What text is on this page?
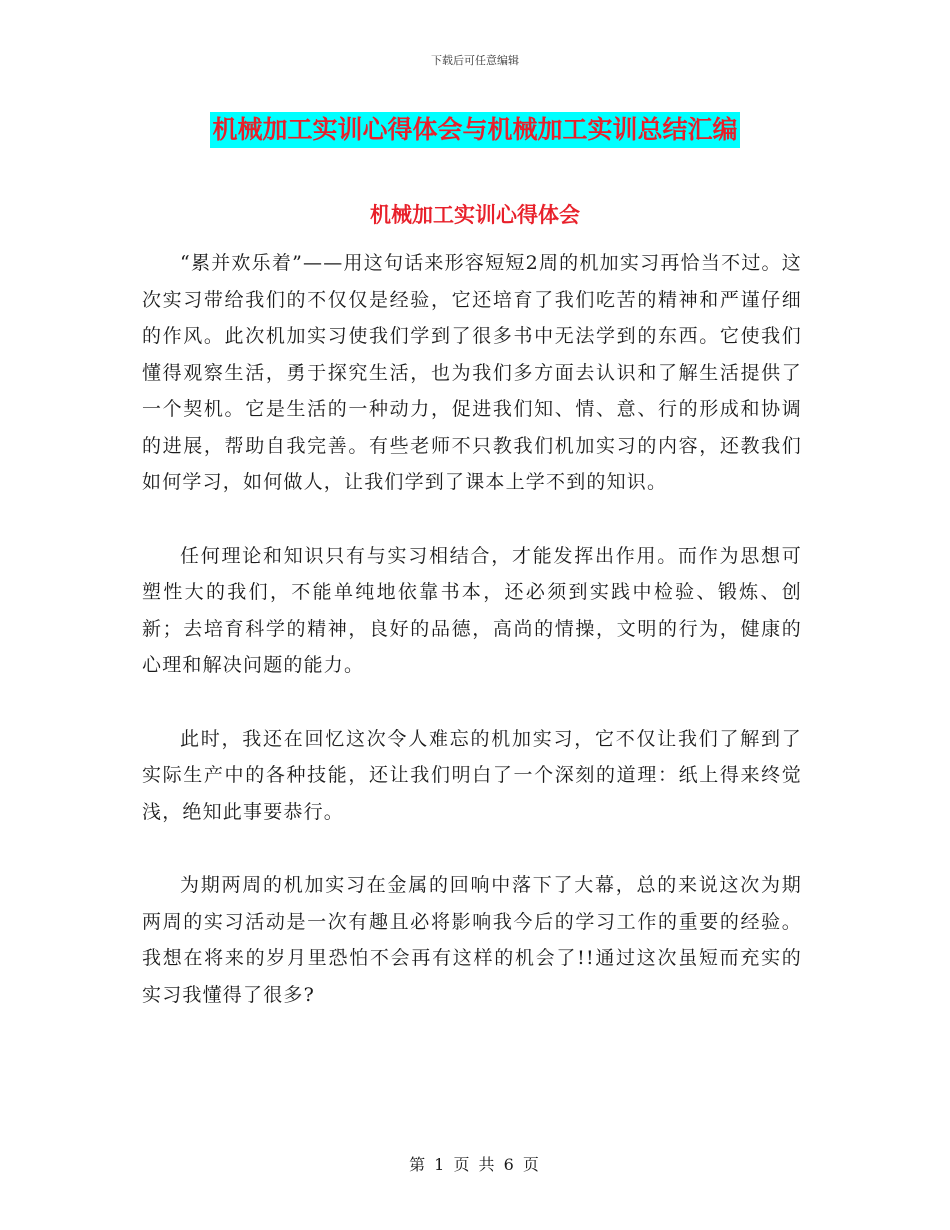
下载后可任意编辑
机械加工实训心得体会与机械加工实训总结汇编
机械加工实训心得体会

“累并欢乐着”——用这句话来形容短短2周的机加实习再恰当不过。这次实习带给我们的不仅仅是经验，它还培育了我们吃苦的精神和严谨仔细的作风。此次机加实习使我们学到了很多书中无法学到的东西。它使我们懂得观察生活，勇于探究生活，也为我们多方面去认识和了解生活提供了一个契机。它是生活的一种动力，促进我们知、情、意、行的形成和协调的进展，帮助自我完善。有些老师不只教我们机加实习的内容，还教我们如何学习，如何做人，让我们学到了课本上学不到的知识。

任何理论和知识只有与实习相结合，才能发挥出作用。而作为思想可塑性大的我们，不能单纯地依靠书本，还必须到实践中检验、锻炼、创新；去培育科学的精神，良好的品德，高尚的情操，文明的行为，健康的心理和解决问题的能力。

此时，我还在回忆这次令人难忘的机加实习，它不仅让我们了解到了实际生产中的各种技能，还让我们明白了一个深刻的道理：纸上得来终觉浅，绝知此事要恭行。

为期两周的机加实习在金属的回响中落下了大幕，总的来说这次为期两周的实习活动是一次有趣且必将影响我今后的学习工作的重要的经验。我想在将来的岁月里恐怕不会再有这样的机会了!!通过这次虽短而充实的实习我懂得了很多?

第 1 页 共 6 页
